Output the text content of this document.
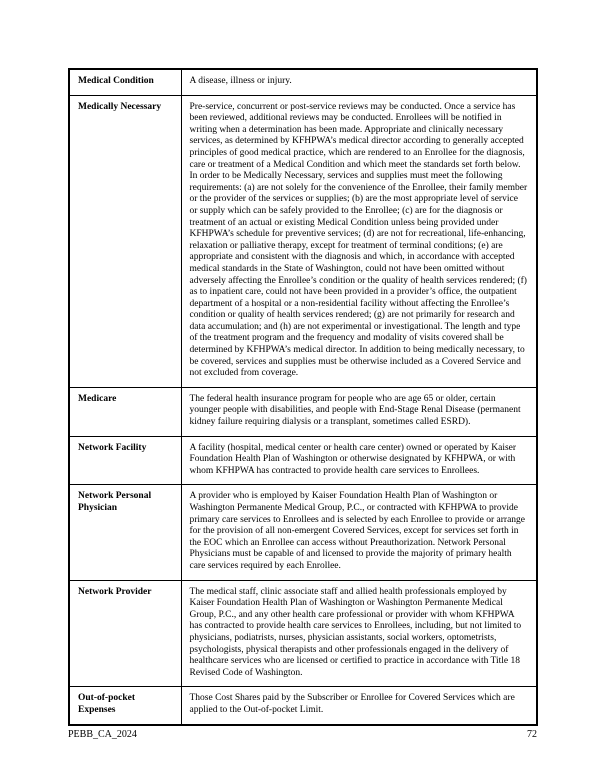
Medical Condition	A disease, illness or injury.
Medically Necessary	Pre-service, concurrent or post-service reviews may be conducted. Once a service has been reviewed, additional reviews may be conducted. Enrollees will be notified in writing when a determination has been made. Appropriate and clinically necessary services, as determined by KFHPWA’s medical director according to generally accepted principles of good medical practice, which are rendered to an Enrollee for the diagnosis, care or treatment of a Medical Condition and which meet the standards set forth below. In order to be Medically Necessary, services and supplies must meet the following requirements: (a) are not solely for the convenience of the Enrollee, their family member or the provider of the services or supplies; (b) are the most appropriate level of service or supply which can be safely provided to the Enrollee; (c) are for the diagnosis or treatment of an actual or existing Medical Condition unless being provided under KFHPWA’s schedule for preventive services; (d) are not for recreational, life-enhancing, relaxation or palliative therapy, except for treatment of terminal conditions; (e) are appropriate and consistent with the diagnosis and which, in accordance with accepted medical standards in the State of Washington, could not have been omitted without adversely affecting the Enrollee’s condition or the quality of health services rendered; (f) as to inpatient care, could not have been provided in a provider’s office, the outpatient department of a hospital or a non-residential facility without affecting the Enrollee’s condition or quality of health services rendered; (g) are not primarily for research and data accumulation; and (h) are not experimental or investigational. The length and type of the treatment program and the frequency and modality of visits covered shall be determined by KFHPWA’s medical director. In addition to being medically necessary, to be covered, services and supplies must be otherwise included as a Covered Service and not excluded from coverage.
Medicare	The federal health insurance program for people who are age 65 or older, certain younger people with disabilities, and people with End-Stage Renal Disease (permanent kidney failure requiring dialysis or a transplant, sometimes called ESRD).
Network Facility	A facility (hospital, medical center or health care center) owned or operated by Kaiser Foundation Health Plan of Washington or otherwise designated by KFHPWA, or with whom KFHPWA has contracted to provide health care services to Enrollees.
Network Personal Physician	A provider who is employed by Kaiser Foundation Health Plan of Washington or Washington Permanente Medical Group, P.C., or contracted with KFHPWA to provide primary care services to Enrollees and is selected by each Enrollee to provide or arrange for the provision of all non-emergent Covered Services, except for services set forth in the EOC which an Enrollee can access without Preauthorization. Network Personal Physicians must be capable of and licensed to provide the majority of primary health care services required by each Enrollee.
Network Provider	The medical staff, clinic associate staff and allied health professionals employed by Kaiser Foundation Health Plan of Washington or Washington Permanente Medical Group, P.C., and any other health care professional or provider with whom KFHPWA has contracted to provide health care services to Enrollees, including, but not limited to physicians, podiatrists, nurses, physician assistants, social workers, optometrists, psychologists, physical therapists and other professionals engaged in the delivery of healthcare services who are licensed or certified to practice in accordance with Title 18 Revised Code of Washington.
Out-of-pocket Expenses	Those Cost Shares paid by the Subscriber or Enrollee for Covered Services which are applied to the Out-of-pocket Limit.
PEBB_CA_2024	72
